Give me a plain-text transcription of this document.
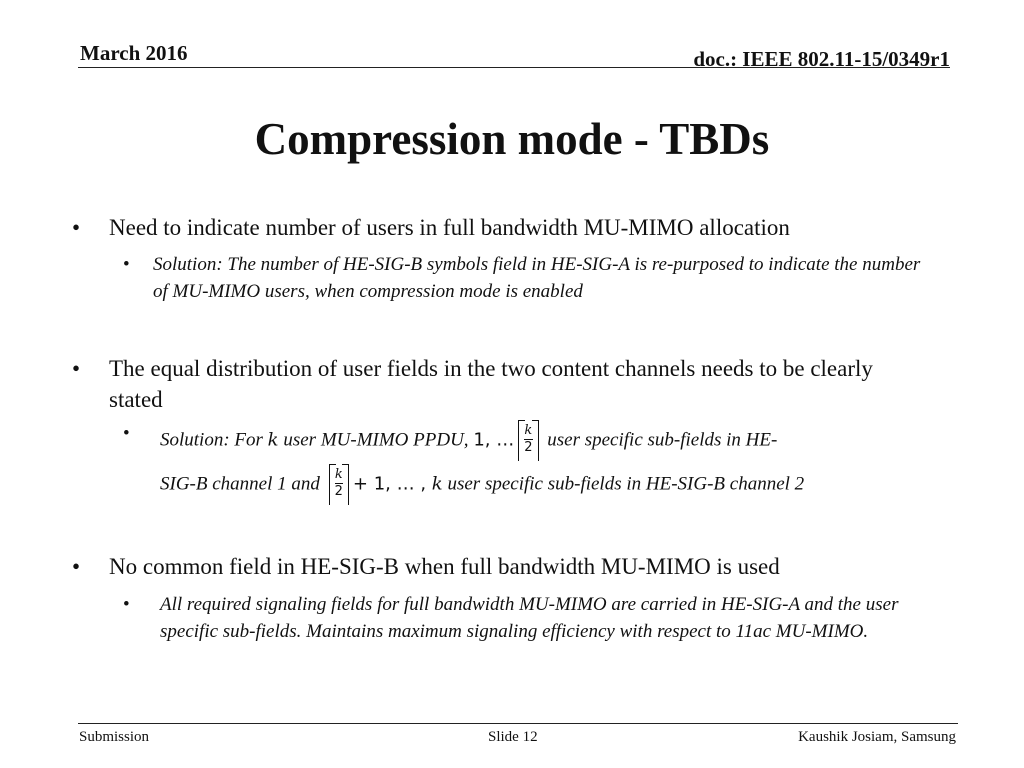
March 2016	doc.: IEEE 802.11-15/0349r1
Compression mode - TBDs
• Need to indicate number of users in full bandwidth MU-MIMO allocation
• Solution: The number of HE-SIG-B symbols field in HE-SIG-A is re-purposed to indicate the number of MU-MIMO users, when compression mode is enabled
• The equal distribution of user fields in the two content channels needs to be clearly stated
• Solution: For k user MU-MIMO PPDU, 1, … $\frac{k}{2}$ user specific sub-fields in HE-
SIG-B channel 1 and $\frac{k}{2} + 1$, … , k user specific sub-fields in HE-SIG-B channel 2
• No common field in HE-SIG-B when full bandwidth MU-MIMO is used
• All required signaling fields for full bandwidth MU-MIMO are carried in HE-SIG-A and the user specific sub-fields. Maintains maximum signaling efficiency with respect to 11ac MU-MIMO.
Submission	Slide 12	Kaushik Josiam, Samsung
